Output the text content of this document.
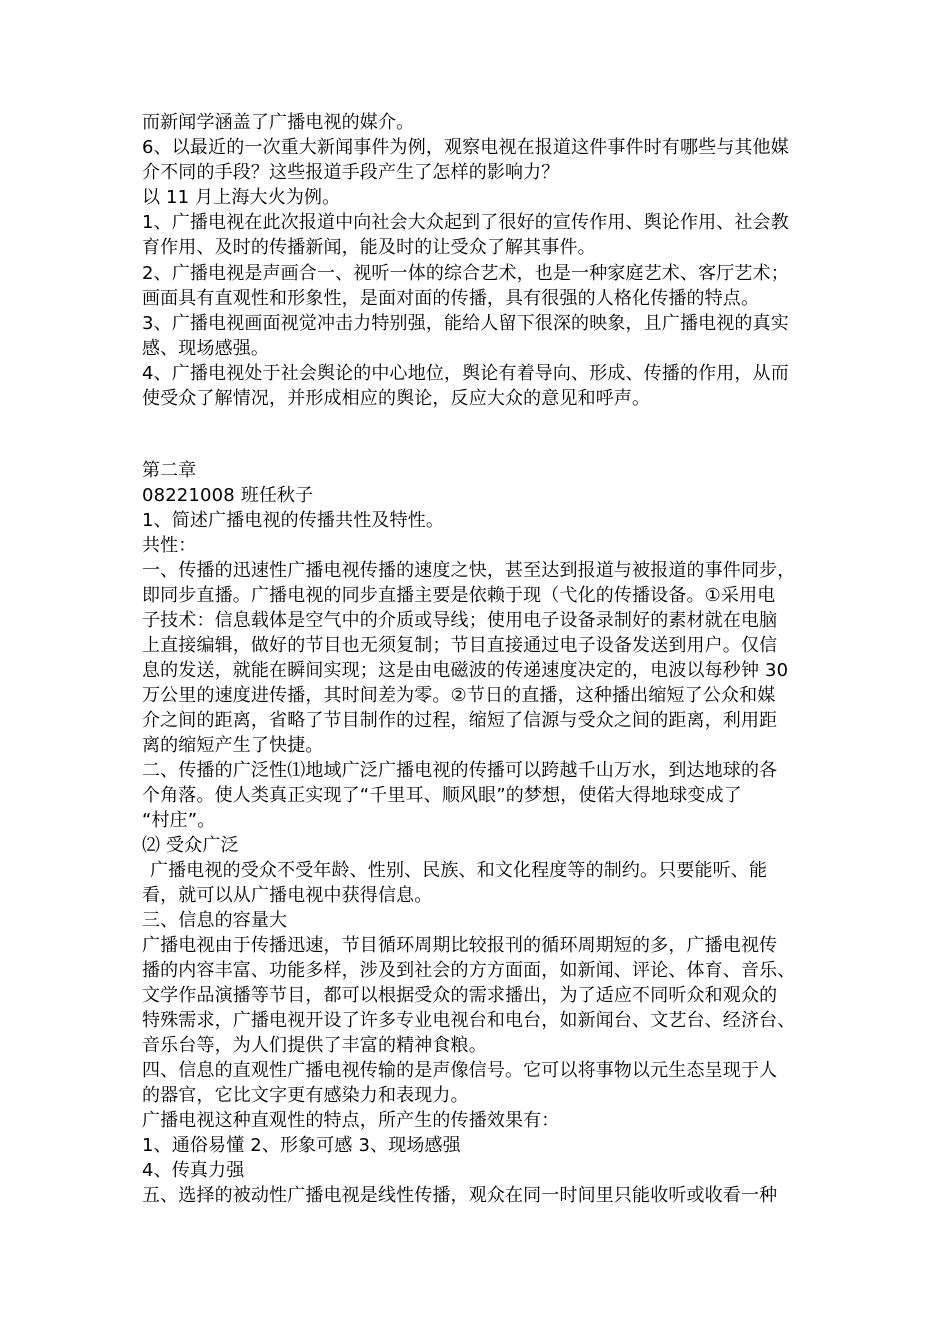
而新闻学涵盖了广播电视的媒介。
6、以最近的一次重大新闻事件为例，观察电视在报道这件事件时有哪些与其他媒
介不同的手段？这些报道手段产生了怎样的影响力？
以 11 月上海大火为例。
1、广播电视在此次报道中向社会大众起到了很好的宣传作用、舆论作用、社会教
育作用、及时的传播新闻，能及时的让受众了解其事件。
2、广播电视是声画合一、视听一体的综合艺术，也是一种家庭艺术、客厅艺术；
画面具有直观性和形象性，是面对面的传播，具有很强的人格化传播的特点。
3、广播电视画面视觉冲击力特别强，能给人留下很深的映象，且广播电视的真实
感、现场感强。
4、广播电视处于社会舆论的中心地位，舆论有着导向、形成、传播的作用，从而
使受众了解情况，并形成相应的舆论，反应大众的意见和呼声。
第二章
08221008 班任秋子
1、简述广播电视的传播共性及特性。
共性：
一、传播的迅速性广播电视传播的速度之快，甚至达到报道与被报道的事件同步，
即同步直播。广播电视的同步直播主要是依赖于现（弋化的传播设备。①采用电
子技术：信息载体是空气中的介质或导线；使用电子设备录制好的素材就在电脑
上直接编辑，做好的节目也无须复制；节目直接通过电子设备发送到用户。仅信
息的发送，就能在瞬间实现；这是由电磁波的传递速度决定的，电波以每秒钟 30
万公里的速度进传播，其时间差为零。②节日的直播，这种播出缩短了公众和媒
介之间的距离，省略了节目制作的过程，缩短了信源与受众之间的距离，利用距
离的缩短产生了快捷。
二、传播的广泛性⑴地域广泛广播电视的传播可以跨越千山万水，到达地球的各
个角落。使人类真正实现了“千里耳、顺风眼”的梦想，使偌大得地球变成了
“村庄”。
⑵ 受众广泛
广播电视的受众不受年龄、性别、民族、和文化程度等的制约。只要能听、能
看，就可以从广播电视中获得信息。
三、信息的容量大
广播电视由于传播迅速，节目循环周期比较报刊的循环周期短的多，广播电视传
播的内容丰富、功能多样，涉及到社会的方方面面，如新闻、评论、体育、音乐、
文学作品演播等节目，都可以根据受众的需求播出，为了适应不同听众和观众的
特殊需求，广播电视开设了许多专业电视台和电台，如新闻台、文艺台、经济台、
音乐台等，为人们提供了丰富的精神食粮。
四、信息的直观性广播电视传输的是声像信号。它可以将事物以元生态呈现于人
的器官，它比文字更有感染力和表现力。
广播电视这种直观性的特点，所产生的传播效果有：
1、通俗易懂 2、形象可感 3、现场感强
4、传真力强
五、选择的被动性广播电视是线性传播，观众在同一时间里只能收听或收看一种
